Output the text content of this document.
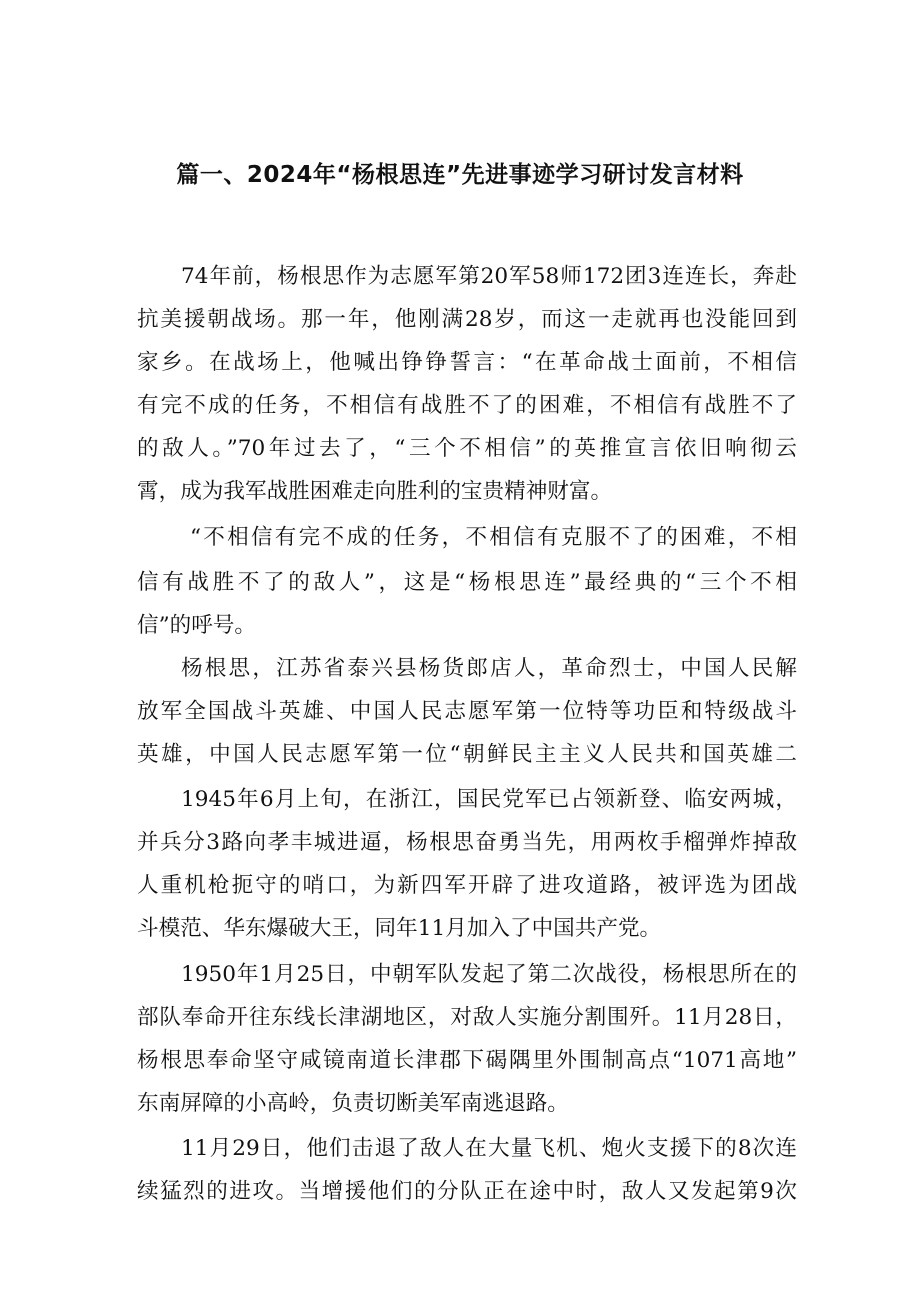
篇一、2024年“杨根思连”先进事迹学习研讨发言材料

74年前，杨根思作为志愿军第20军58师172团3连连长，奔赴

抗美援朝战场。那一年，他刚满28岁，而这一走就再也没能回到

家乡。在战场上，他喊出铮铮誓言：“在革命战士面前，不相信

有完不成的任务，不相信有战胜不了的困难，不相信有战胜不了

的敌人。”70年过去了，“三个不相信”的英推宣言依旧响彻云

霄，成为我军战胜困难走向胜利的宝贵精神财富。

“不相信有完不成的任务，不相信有克服不了的困难，不相

信有战胜不了的敌人”，这是“杨根思连”最经典的“三个不相

信”的呼号。

杨根思，江苏省泰兴县杨货郎店人，革命烈士，中国人民解

放军全国战斗英雄、中国人民志愿军第一位特等功臣和特级战斗

英雄，中国人民志愿军第一位“朝鲜民主主义人民共和国英雄二

1945年6月上旬，在浙江，国民党军已占领新登、临安两城，

并兵分3路向孝丰城进逼，杨根思奋勇当先，用两枚手榴弹炸掉敌

人重机枪扼守的哨口，为新四军开辟了进攻道路，被评选为团战

斗模范、华东爆破大王，同年11月加入了中国共产党。

1950年1月25日，中朝军队发起了第二次战役，杨根思所在的

部队奉命开往东线长津湖地区，对敌人实施分割围歼。11月28日，

杨根思奉命坚守咸镜南道长津郡下碣隅里外围制高点“1071高地”

东南屏障的小高岭，负责切断美军南逃退路。

11月29日，他们击退了敌人在大量飞机、炮火支援下的8次连

续猛烈的进攻。当增援他们的分队正在途中时，敌人又发起第9次
